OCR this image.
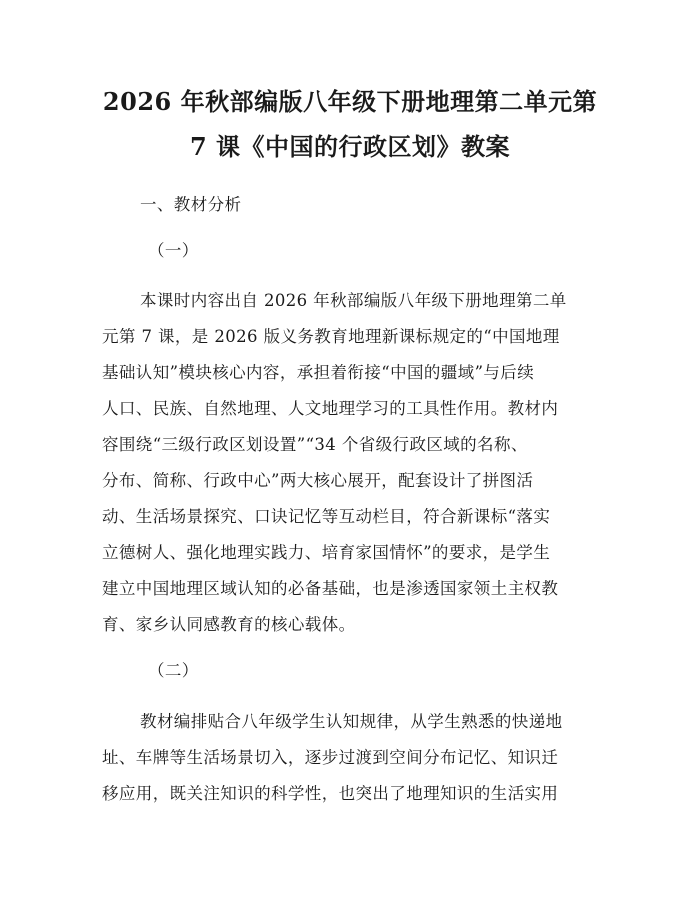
2026 年秋部编版八年级下册地理第二单元第
7 课《中国的行政区划》教案

一、教材分析

（一）

本课时内容出自 2026 年秋部编版八年级下册地理第二单

元第 7 课，是 2026 版义务教育地理新课标规定的“中国地理

基础认知”模块核心内容，承担着衔接“中国的疆域”与后续

人口、民族、自然地理、人文地理学习的工具性作用。教材内

容围绕“三级行政区划设置”“34 个省级行政区域的名称、

分布、简称、行政中心”两大核心展开，配套设计了拼图活

动、生活场景探究、口诀记忆等互动栏目，符合新课标“落实

立德树人、强化地理实践力、培育家国情怀”的要求，是学生

建立中国地理区域认知的必备基础，也是渗透国家领土主权教

育、家乡认同感教育的核心载体。

（二）

教材编排贴合八年级学生认知规律，从学生熟悉的快递地

址、车牌等生活场景切入，逐步过渡到空间分布记忆、知识迁

移应用，既关注知识的科学性，也突出了地理知识的生活实用
